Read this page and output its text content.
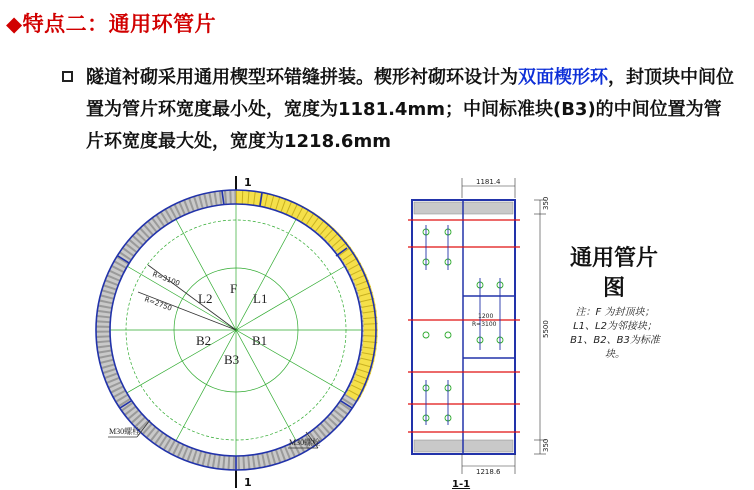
◆特点二：通用环管片
隧道衬砌采用通用楔型环错缝拼装。楔形衬砌环设计为双面楔形环，封顶块中间位置为管片环宽度最小处，宽度为1181.4mm；中间标准块(B3)的中间位置为管片环宽度最大处，宽度为1218.6mm
1
1
R=3100
R=2750
F
L1
L2
B1
B2
B3
M30螺栓
M30螺栓
1181.4
1200
R=3100
350
5500
350
1218.6
1-1
通用管片图
注：F 为封顶块；L1、L2为邻接块；B1、B2、B3为标准块。
